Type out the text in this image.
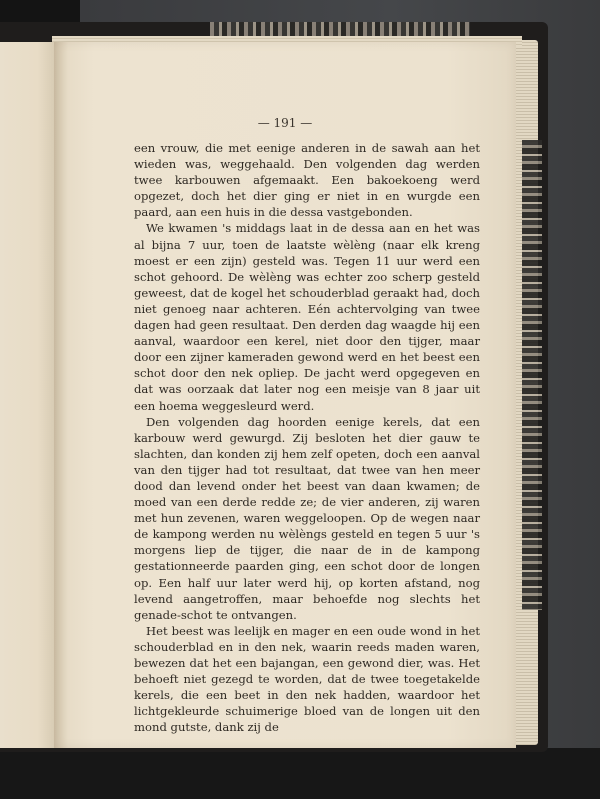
— 191 —

een vrouw, die met eenige anderen in de sawah aan het wieden was, weggehaald. Den volgenden dag werden twee karbouwen afgemaakt. Een bakoekoeng werd opgezet, doch het dier ging er niet in en wurgde een paard, aan een huis in die dessa vastgebonden.

We kwamen 's middags laat in de dessa aan en het was al bijna 7 uur, toen de laatste wèlèng (naar elk kreng moest er een zijn) gesteld was. Tegen 11 uur werd een schot gehoord. De wèlèng was echter zoo scherp gesteld geweest, dat de kogel het schouderblad geraakt had, doch niet genoeg naar achteren. Eén achtervolging van twee dagen had geen resultaat. Den derden dag waagde hij een aanval, waardoor een kerel, niet door den tijger, maar door een zijner kameraden gewond werd en het beest een schot door den nek opliep. De jacht werd opgegeven en dat was oorzaak dat later nog een meisje van 8 jaar uit een hoema weggesleurd werd.

Den volgenden dag hoorden eenige kerels, dat een karbouw werd gewurgd. Zij besloten het dier gauw te slachten, dan konden zij hem zelf opeten, doch een aanval van den tijger had tot resultaat, dat twee van hen meer dood dan levend onder het beest van daan kwamen; de moed van een derde redde ze; de vier anderen, zij waren met hun zevenen, waren weggeloopen. Op de wegen naar de kampong werden nu wèlèngs gesteld en tegen 5 uur 's morgens liep de tijger, die naar de in de kampong gestationneerde paarden ging, een schot door de longen op. Een half uur later werd hij, op korten afstand, nog levend aangetroffen, maar behoefde nog slechts het genade-schot te ontvangen.

Het beest was leelijk en mager en een oude wond in het schouderblad en in den nek, waarin reeds maden waren, bewezen dat het een bajangan, een gewond dier, was. Het behoeft niet gezegd te worden, dat de twee toegetakelde kerels, die een beet in den nek hadden, waardoor het lichtgekleurde schuimerige bloed van de longen uit den mond gutste, dank zij de
